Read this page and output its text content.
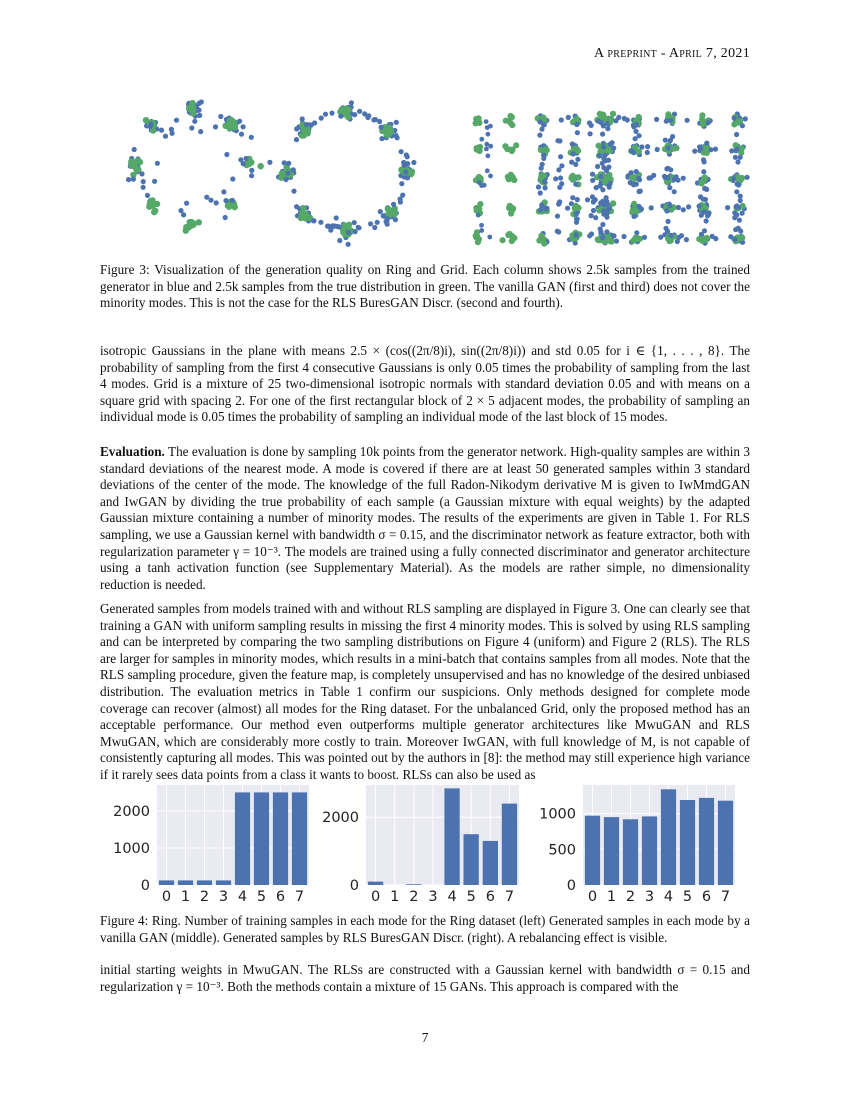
A preprint - April 7, 2021
Figure 3: Visualization of the generation quality on Ring and Grid. Each column shows 2.5k samples from the trained generator in blue and 2.5k samples from the true distribution in green. The vanilla GAN (first and third) does not cover the minority modes. This is not the case for the RLS BuresGAN Discr. (second and fourth).

isotropic Gaussians in the plane with means 2.5 × (cos((2π/8)i), sin((2π/8)i)) and std 0.05 for i ∈ {1, . . . , 8}. The probability of sampling from the first 4 consecutive Gaussians is only 0.05 times the probability of sampling from the last 4 modes. Grid is a mixture of 25 two-dimensional isotropic normals with standard deviation 0.05 and with means on a square grid with spacing 2. For one of the first rectangular block of 2 × 5 adjacent modes, the probability of sampling an individual mode is 0.05 times the probability of sampling an individual mode of the last block of 15 modes.

Evaluation. The evaluation is done by sampling 10k points from the generator network. High-quality samples are within 3 standard deviations of the nearest mode. A mode is covered if there are at least 50 generated samples within 3 standard deviations of the center of the mode. The knowledge of the full Radon-Nikodym derivative M is given to IwMmdGAN and IwGAN by dividing the true probability of each sample (a Gaussian mixture with equal weights) by the adapted Gaussian mixture containing a number of minority modes. The results of the experiments are given in Table 1. For RLS sampling, we use a Gaussian kernel with bandwidth σ = 0.15, and the discriminator network as feature extractor, both with regularization parameter γ = 10⁻³. The models are trained using a fully connected discriminator and generator architecture using a tanh activation function (see Supplementary Material). As the models are rather simple, no dimensionality reduction is needed.

Generated samples from models trained with and without RLS sampling are displayed in Figure 3. One can clearly see that training a GAN with uniform sampling results in missing the first 4 minority modes. This is solved by using RLS sampling and can be interpreted by comparing the two sampling distributions on Figure 4 (uniform) and Figure 2 (RLS). The RLS are larger for samples in minority modes, which results in a mini-batch that contains samples from all modes. Note that the RLS sampling procedure, given the feature map, is completely unsupervised and has no knowledge of the desired unbiased distribution. The evaluation metrics in Table 1 confirm our suspicions. Only methods designed for complete mode coverage can recover (almost) all modes for the Ring dataset. For the unbalanced Grid, only the proposed method has an acceptable performance. Our method even outperforms multiple generator architectures like MwuGAN and RLS MwuGAN, which are considerably more costly to train. Moreover IwGAN, with full knowledge of M, is not capable of consistently capturing all modes. This was pointed out by the authors in [8]: the method may still experience high variance if it rarely sees data points from a class it wants to boost. RLSs can also be used as

0
1000
2000
0 1 2 3 4 5 6 7
0
2000
0 1 2 3 4 5 6 7
0
500
1000
0 1 2 3 4 5 6 7
Figure 4: Ring. Number of training samples in each mode for the Ring dataset (left) Generated samples in each mode by a vanilla GAN (middle). Generated samples by RLS BuresGAN Discr. (right). A rebalancing effect is visible.

initial starting weights in MwuGAN. The RLSs are constructed with a Gaussian kernel with bandwidth σ = 0.15 and regularization γ = 10⁻³. Both the methods contain a mixture of 15 GANs. This approach is compared with the

7
